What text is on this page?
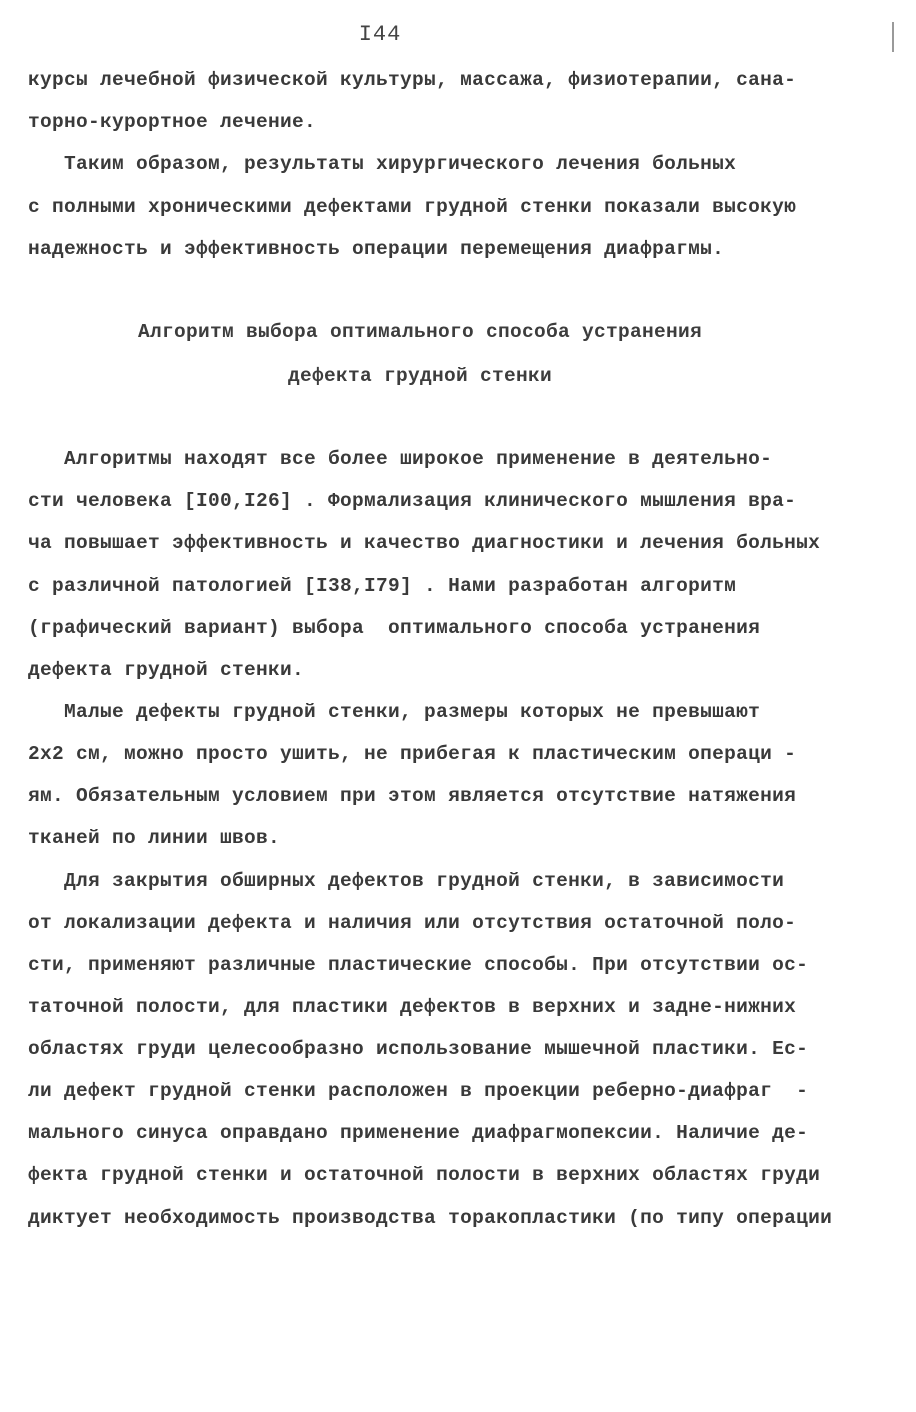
I44
курсы лечебной физической культуры, массажа, физиотерапии, сана-
торно-курортное лечение.
Таким образом, результаты хирургического лечения больных
с полными хроническими дефектами грудной стенки показали высокую
надежность и эффективность операции перемещения диафрагмы.
Алгоритм выбора оптимального способа устранения
дефекта грудной стенки
Алгоритмы находят все более широкое применение в деятельно-
сти человека [I00,I26] . Формализация клинического мышления вра-
ча повышает эффективность и качество диагностики и лечения больных
с различной патологией [I38,I79] . Нами разработан алгоритм
(графический вариант) выбора  оптимального способа устранения
дефекта грудной стенки.
Малые дефекты грудной стенки, размеры которых не превышают
2х2 см, можно просто ушить, не прибегая к пластическим операци -
ям. Обязательным условием при этом является отсутствие натяжения
тканей по линии швов.
Для закрытия обширных дефектов грудной стенки, в зависимости
от локализации дефекта и наличия или отсутствия остаточной поло-
сти, применяют различные пластические способы. При отсутствии ос-
таточной полости, для пластики дефектов в верхних и задне-нижних
областях груди целесообразно использование мышечной пластики. Ес-
ли дефект грудной стенки расположен в проекции реберно-диафраг  -
мального синуса оправдано применение диафрагмопексии. Наличие де-
фекта грудной стенки и остаточной полости в верхних областях груди
диктует необходимость производства торакопластики (по типу операции
